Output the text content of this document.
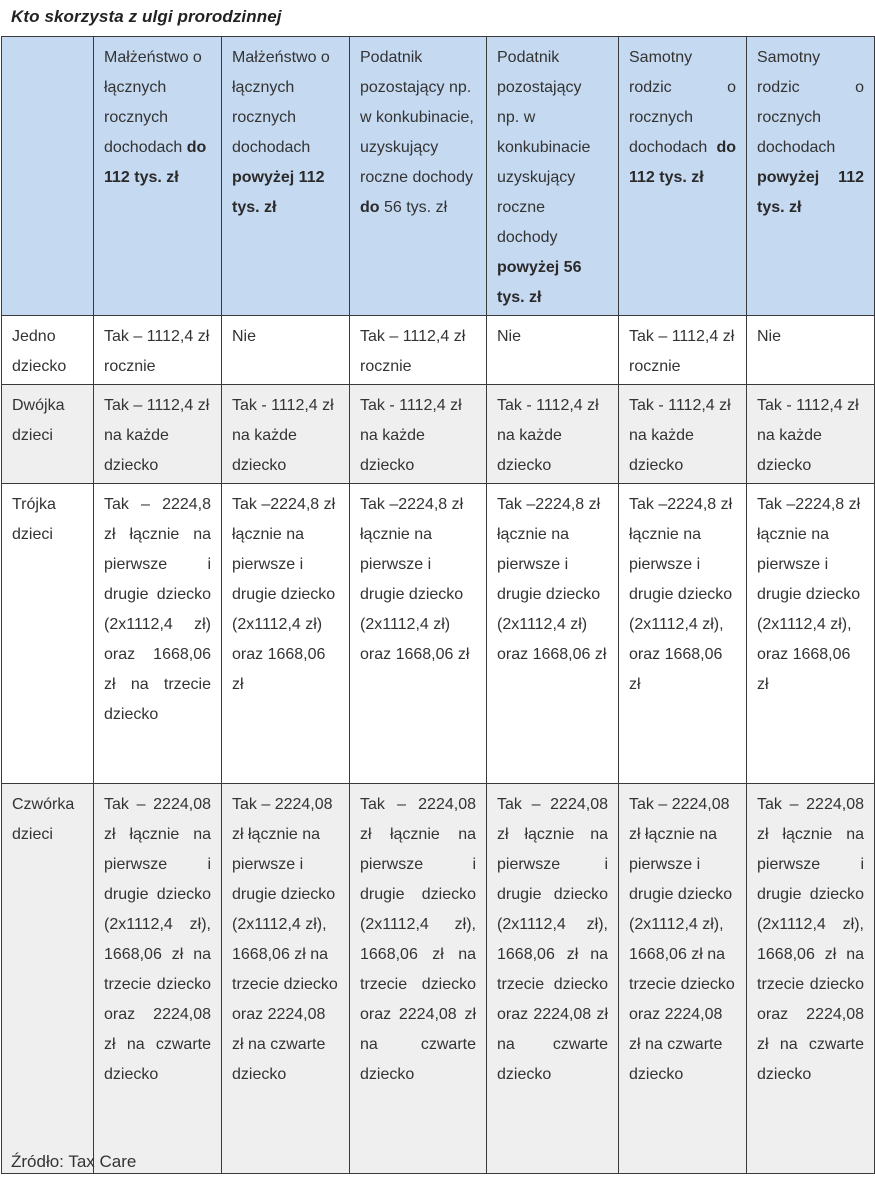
Kto skorzysta z ulgi prorodzinnej
	Małżeństwo o łącznych rocznych dochodach do 112 tys. zł	Małżeństwo o łącznych rocznych dochodach powyżej 112 tys. zł	Podatnik pozostający np. w konkubinacie, uzyskujący roczne dochody do 56 tys. zł	Podatnik pozostający np. w konkubinacie uzyskujący roczne dochody powyżej 56 tys. zł	Samotny rodzic o rocznych dochodach do 112 tys. zł	Samotny rodzic o rocznych dochodach powyżej 112 tys. zł
Jedno dziecko	Tak – 1112,4 zł rocznie	Nie	Tak – 1112,4 zł rocznie	Nie	Tak – 1112,4 zł rocznie	Nie
Dwójka dzieci	Tak – 1112,4 zł na każde dziecko	Tak - 1112,4 zł na każde dziecko	Tak - 1112,4 zł na każde dziecko	Tak - 1112,4 zł na każde dziecko	Tak - 1112,4 zł na każde dziecko	Tak - 1112,4 zł na każde dziecko
Trójka dzieci	Tak – 2224,8 zł łącznie na pierwsze i drugie dziecko (2x1112,4 zł) oraz 1668,06 zł na trzecie dziecko	Tak –2224,8 zł łącznie na pierwsze i drugie dziecko (2x1112,4 zł) oraz 1668,06 zł	Tak –2224,8 zł łącznie na pierwsze i drugie dziecko (2x1112,4 zł) oraz 1668,06 zł	Tak –2224,8 zł łącznie na pierwsze i drugie dziecko (2x1112,4 zł) oraz 1668,06 zł	Tak –2224,8 zł łącznie na pierwsze i drugie dziecko (2x1112,4 zł), oraz 1668,06 zł	Tak –2224,8 zł łącznie na pierwsze i drugie dziecko (2x1112,4 zł), oraz 1668,06 zł
Czwórka dzieci	Tak – 2224,08 zł łącznie na pierwsze i drugie dziecko (2x1112,4 zł), 1668,06 zł na trzecie dziecko oraz 2224,08 zł na czwarte dziecko	Tak – 2224,08 zł łącznie na pierwsze i drugie dziecko (2x1112,4 zł), 1668,06 zł na trzecie dziecko oraz 2224,08 zł na czwarte dziecko	Tak – 2224,08 zł łącznie na pierwsze i drugie dziecko (2x1112,4 zł), 1668,06 zł na trzecie dziecko oraz 2224,08 zł na czwarte dziecko	Tak – 2224,08 zł łącznie na pierwsze i drugie dziecko (2x1112,4 zł), 1668,06 zł na trzecie dziecko oraz 2224,08 zł na czwarte dziecko	Tak – 2224,08 zł łącznie na pierwsze i drugie dziecko (2x1112,4 zł), 1668,06 zł na trzecie dziecko oraz 2224,08 zł na czwarte dziecko	Tak – 2224,08 zł łącznie na pierwsze i drugie dziecko (2x1112,4 zł), 1668,06 zł na trzecie dziecko oraz 2224,08 zł na czwarte dziecko
Źródło: Tax Care
